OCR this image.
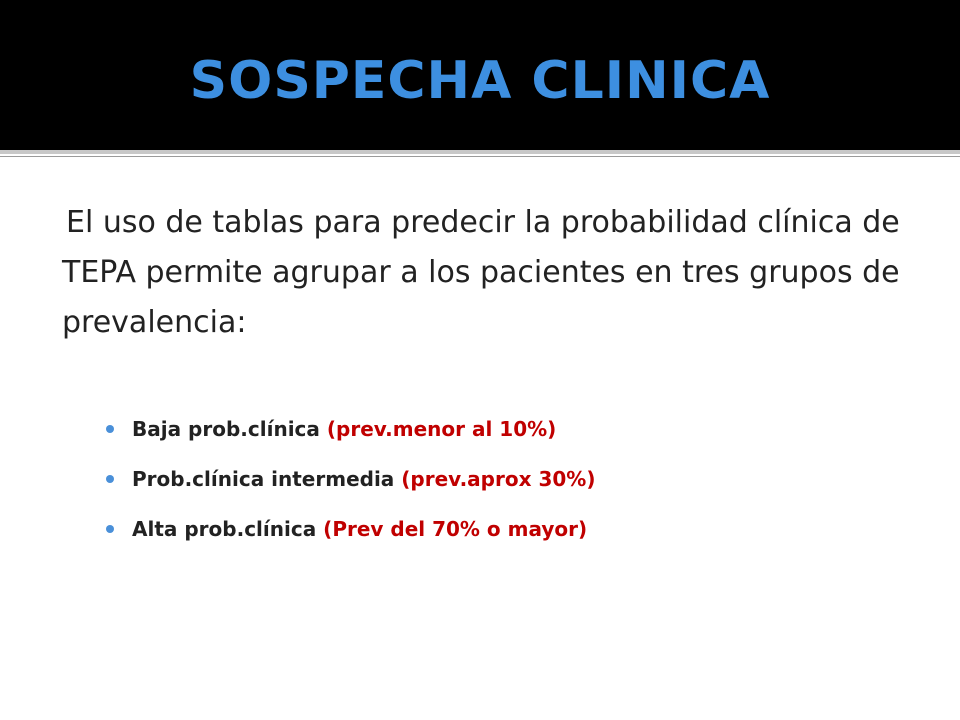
SOSPECHA CLINICA

El uso de tablas para predecir la probabilidad clínica de TEPA permite agrupar a los pacientes en tres grupos de prevalencia:

Baja prob.clínica (prev.menor al 10%)
Prob.clínica intermedia (prev.aprox 30%)
Alta prob.clínica (Prev del 70% o mayor)
